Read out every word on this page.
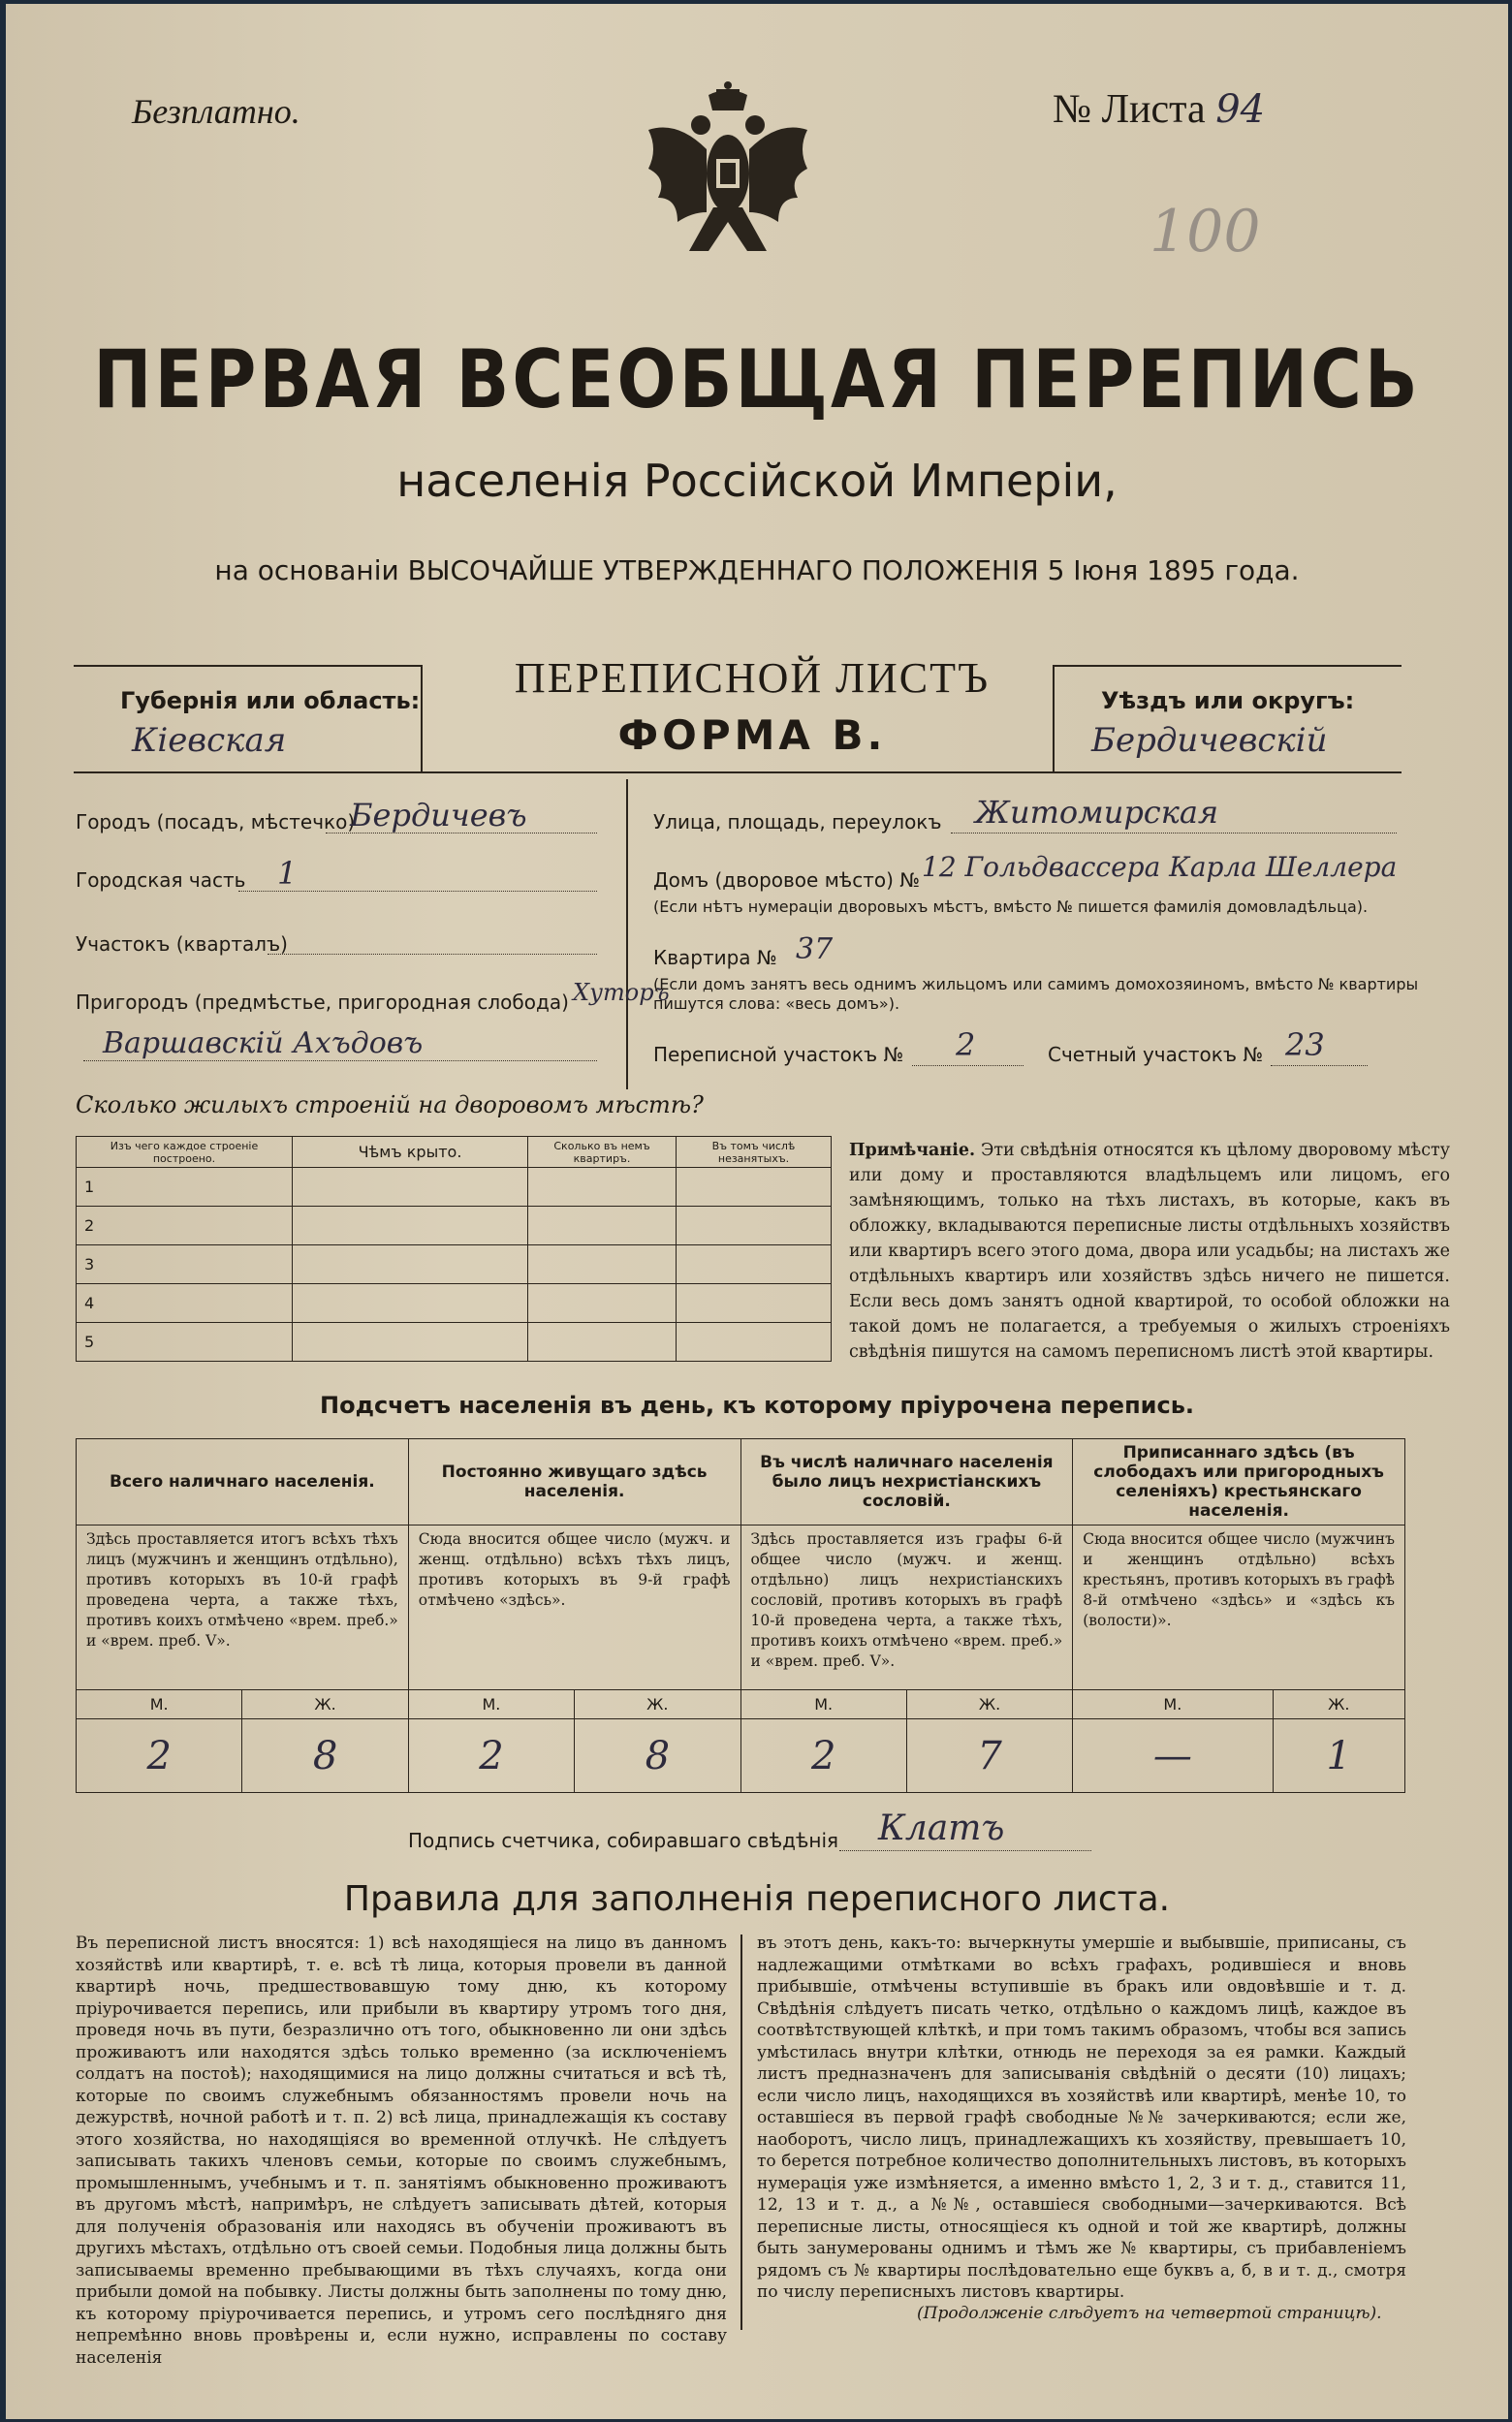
Безплатно.	№ Листа 94
100
ПЕРВАЯ ВСЕОБЩАЯ ПЕРЕПИСЬ
населенія Россійской Имперіи,
на основаніи ВЫСОЧАЙШЕ УТВЕРЖДЕННАГО ПОЛОЖЕНІЯ 5 Іюня 1895 года.
Губернія или область:
Кіевская
ПЕРЕПИСНОЙ ЛИСТЪ
ФОРМА В.
Уѣздъ или округъ:
Бердичевскій
Городъ (посадъ, мѣстечко)
Бердичевъ
Городская часть 1
Участокъ (кварталъ)
Пригородъ (предмѣстье, пригородная слобода) Хуторъ
Варшавскій Ахъдовъ
Улица, площадь, переулокъ Житомирская
Домъ (дворовое мѣсто) № 12 Гольдвассера Карла Шеллера
(Если нѣтъ нумераціи дворовыхъ мѣстъ, вмѣсто № пишется фамилія домовладѣльца).
Квартира № 37
(Если домъ занятъ весь однимъ жильцомъ или самимъ домохозяиномъ, вмѣсто № квартиры пишутся слова: «весь домъ»).
Переписной участокъ № 2	Счетный участокъ № 23
Сколько жилыхъ строеній на дворовомъ мѣстѣ?
Изъ чего каждое строеніе построено.	Чѣмъ крыто.	Сколько въ немъ квартиръ.	Въ томъ числѣ незанятыхъ.
1			
2			
3			
4			
5			
Примѣчаніе. Эти свѣдѣнія относятся къ цѣлому дворовому мѣсту или дому и проставляются владѣльцемъ или лицомъ, его замѣняющимъ, только на тѣхъ листахъ, въ которые, какъ въ обложку, вкладываются переписные листы отдѣльныхъ хозяйствъ или квартиръ всего этого дома, двора или усадьбы; на листахъ же отдѣльныхъ квартиръ или хозяйствъ здѣсь ничего не пишется. Если весь домъ занятъ одной квартирой, то особой обложки на такой домъ не полагается, а требуемыя о жилыхъ строеніяхъ свѣдѣнія пишутся на самомъ переписномъ листѣ этой квартиры.
Подсчетъ населенія въ день, къ которому пріурочена перепись.
Всего наличнаго населенія.		Постоянно живущаго здѣсь населенія.		Въ числѣ наличнаго населенія было лицъ нехристіанскихъ сословій.		Приписаннаго здѣсь (въ слободахъ или пригородныхъ селеніяхъ) крестьянскаго населенія.	
Здѣсь проставляется итогъ всѣхъ тѣхъ лицъ (мужчинъ и женщинъ отдѣльно), противъ которыхъ въ 10-й графѣ проведена черта, а также тѣхъ, противъ коихъ отмѣчено «врем. преб.» и «врем. преб. V».		Сюда вносится общее число (мужч. и женщ. отдѣльно) всѣхъ тѣхъ лицъ, противъ которыхъ въ 9-й графѣ отмѣчено «здѣсь».		Здѣсь проставляется изъ графы 6-й общее число (мужч. и женщ. отдѣльно) лицъ нехристіанскихъ сословій, противъ которыхъ въ графѣ 10-й проведена черта, а также тѣхъ, противъ коихъ отмѣчено «врем. преб.» и «врем. преб. V».		Сюда вносится общее число (мужчинъ и женщинъ отдѣльно) всѣхъ крестьянъ, противъ которыхъ въ графѣ 8-й отмѣчено «здѣсь» и «здѣсь къ (волости)».	
М.	Ж.	М.	Ж.	М.	Ж.	М.	Ж.
2	8	2	8	2	7	—	1
Подпись счетчика, собиравшаго свѣдѣнія Клатъ
Правила для заполненія переписного листа.
Въ переписной листъ вносятся: 1) всѣ находящіеся на лицо въ данномъ хозяйствѣ или квартирѣ, т. е. всѣ тѣ лица, которыя провели въ данной квартирѣ ночь, предшествовавшую тому дню, къ которому пріурочивается перепись, или прибыли въ квартиру утромъ того дня, проведя ночь въ пути, безразлично отъ того, обыкновенно ли они здѣсь проживаютъ или находятся здѣсь только временно (за исключеніемъ солдатъ на постоѣ); находящимися на лицо должны считаться и всѣ тѣ, которые по своимъ служебнымъ обязанностямъ провели ночь на дежурствѣ, ночной работѣ и т. п. 2) всѣ лица, принадлежащія къ составу этого хозяйства, но находящіяся во временной отлучкѣ. Не слѣдуетъ записывать такихъ членовъ семьи, которые по своимъ служебнымъ, промышленнымъ, учебнымъ и т. п. занятіямъ обыкновенно проживаютъ въ другомъ мѣстѣ, напримѣръ, не слѣдуетъ записывать дѣтей, которыя для полученія образованія или находясь въ обученіи проживаютъ въ другихъ мѣстахъ, отдѣльно отъ своей семьи. Подобныя лица должны быть записываемы временно пребывающими въ тѣхъ случаяхъ, когда они прибыли домой на побывку. Листы должны быть заполнены по тому дню, къ которому пріурочивается перепись, и утромъ сего послѣдняго дня непремѣнно вновь провѣрены и, если нужно, исправлены по составу населенія
въ этотъ день, какъ-то: вычеркнуты умершіе и выбывшіе, приписаны, съ надлежащими отмѣтками во всѣхъ графахъ, родившіеся и вновь прибывшіе, отмѣчены вступившіе въ бракъ или овдовѣвшіе и т. д. Свѣдѣнія слѣдуетъ писать четко, отдѣльно о каждомъ лицѣ, каждое въ соотвѣтствующей клѣткѣ, и при томъ такимъ образомъ, чтобы вся запись умѣстилась внутри клѣтки, отнюдь не переходя за ея рамки. Каждый листъ предназначенъ для записыванія свѣдѣній о десяти (10) лицахъ; если число лицъ, находящихся въ хозяйствѣ или квартирѣ, менѣе 10, то оставшіеся въ первой графѣ свободные №№ зачеркиваются; если же, наоборотъ, число лицъ, принадлежащихъ къ хозяйству, превышаетъ 10, то берется потребное количество дополнительныхъ листовъ, въ которыхъ нумерація уже измѣняется, а именно вмѣсто 1, 2, 3 и т. д., ставится 11, 12, 13 и т. д., а №№, оставшіеся свободными—зачеркиваются. Всѣ переписные листы, относящіеся къ одной и той же квартирѣ, должны быть занумерованы однимъ и тѣмъ же № квартиры, съ прибавленіемъ рядомъ съ № квартиры послѣдовательно еще буквъ а, б, в и т. д., смотря по числу переписныхъ листовъ квартиры.
(Продолженіе слѣдуетъ на четвертой страницѣ).
